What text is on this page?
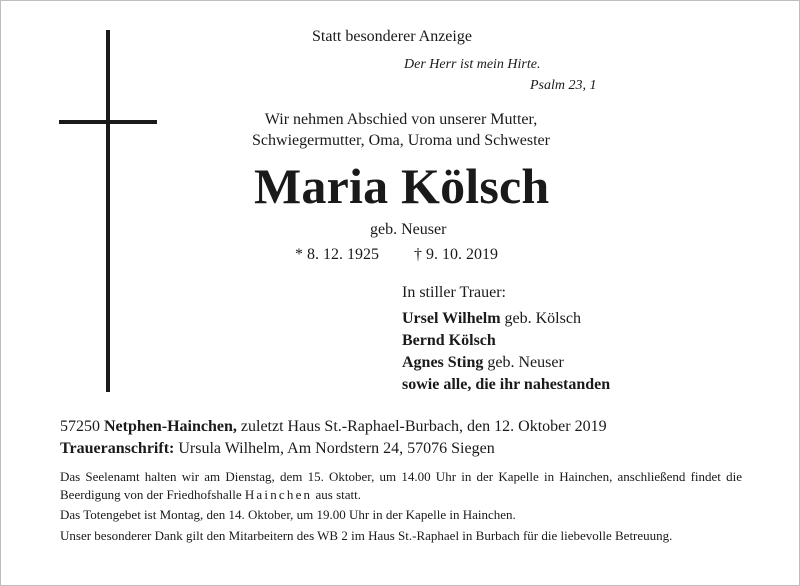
Statt besonderer Anzeige
Der Herr ist mein Hirte.
Psalm 23, 1
Wir nehmen Abschied von unserer Mutter,
Schwiegermutter, Oma, Uroma und Schwester
Maria Kölsch
geb. Neuser
* 8. 12. 1925 † 9. 10. 2019
In stiller Trauer:
Ursel Wilhelm geb. Kölsch
Bernd Kölsch
Agnes Sting geb. Neuser
sowie alle, die ihr nahestanden
57250 Netphen-Hainchen, zuletzt Haus St.-Raphael-Burbach, den 12. Oktober 2019
Traueranschrift: Ursula Wilhelm, Am Nordstern 24, 57076 Siegen
Das Seelenamt halten wir am Dienstag, dem 15. Oktober, um 14.00 Uhr in der Kapelle in Hainchen, anschließend findet die Beerdigung von der Friedhofshalle Hainchen aus statt.
Das Totengebet ist Montag, den 14. Oktober, um 19.00 Uhr in der Kapelle in Hainchen.
Unser besonderer Dank gilt den Mitarbeitern des WB 2 im Haus St.-Raphael in Burbach für die liebevolle Betreuung.
